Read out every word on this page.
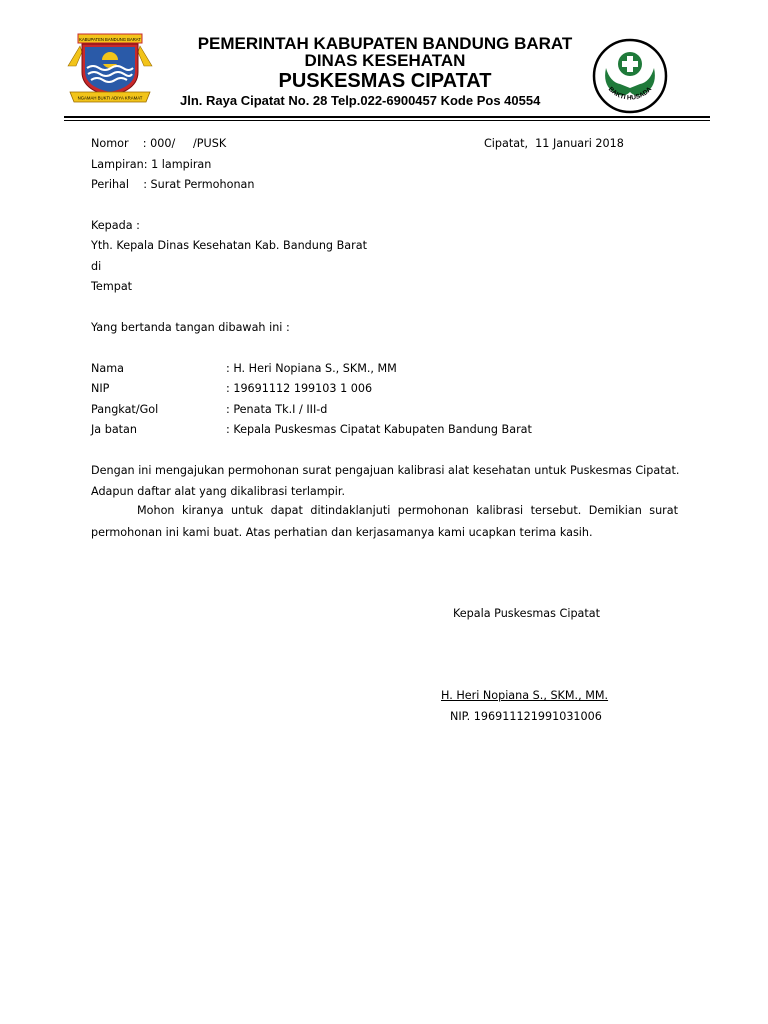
KABUPATEN BANDUNG BARAT
NGAMAH BUKTI ADIYA KRAMAT
BAKTI HUSADA
PEMERINTAH KABUPATEN BANDUNG BARAT
DINAS KESEHATAN
PUSKESMAS CIPATAT
Jln. Raya Cipatat No. 28 Telp.022-6900457 Kode Pos 40554
Nomor    : 000/     /PUSK	Cipatat,  11 Januari 2018
Lampiran: 1 lampiran
Perihal    : Surat Permohonan
Kepada :
Yth. Kepala Dinas Kesehatan Kab. Bandung Barat
di
Tempat
Yang bertanda tangan dibawah ini :
Nama	: H. Heri Nopiana S., SKM., MM
NIP	: 19691112 199103 1 006
Pangkat/Gol	: Penata Tk.I / III-d
Ja batan	: Kepala Puskesmas Cipatat Kabupaten Bandung Barat
Dengan ini mengajukan permohonan surat pengajuan kalibrasi alat kesehatan untuk Puskesmas Cipatat.
Adapun daftar alat yang dikalibrasi terlampir.
Mohon kiranya untuk dapat ditindaklanjuti permohonan kalibrasi tersebut. Demikian surat
permohonan ini kami buat. Atas perhatian dan kerjasamanya kami ucapkan terima kasih.
Kepala Puskesmas Cipatat
H. Heri Nopiana S., SKM., MM.
NIP. 196911121991031006
